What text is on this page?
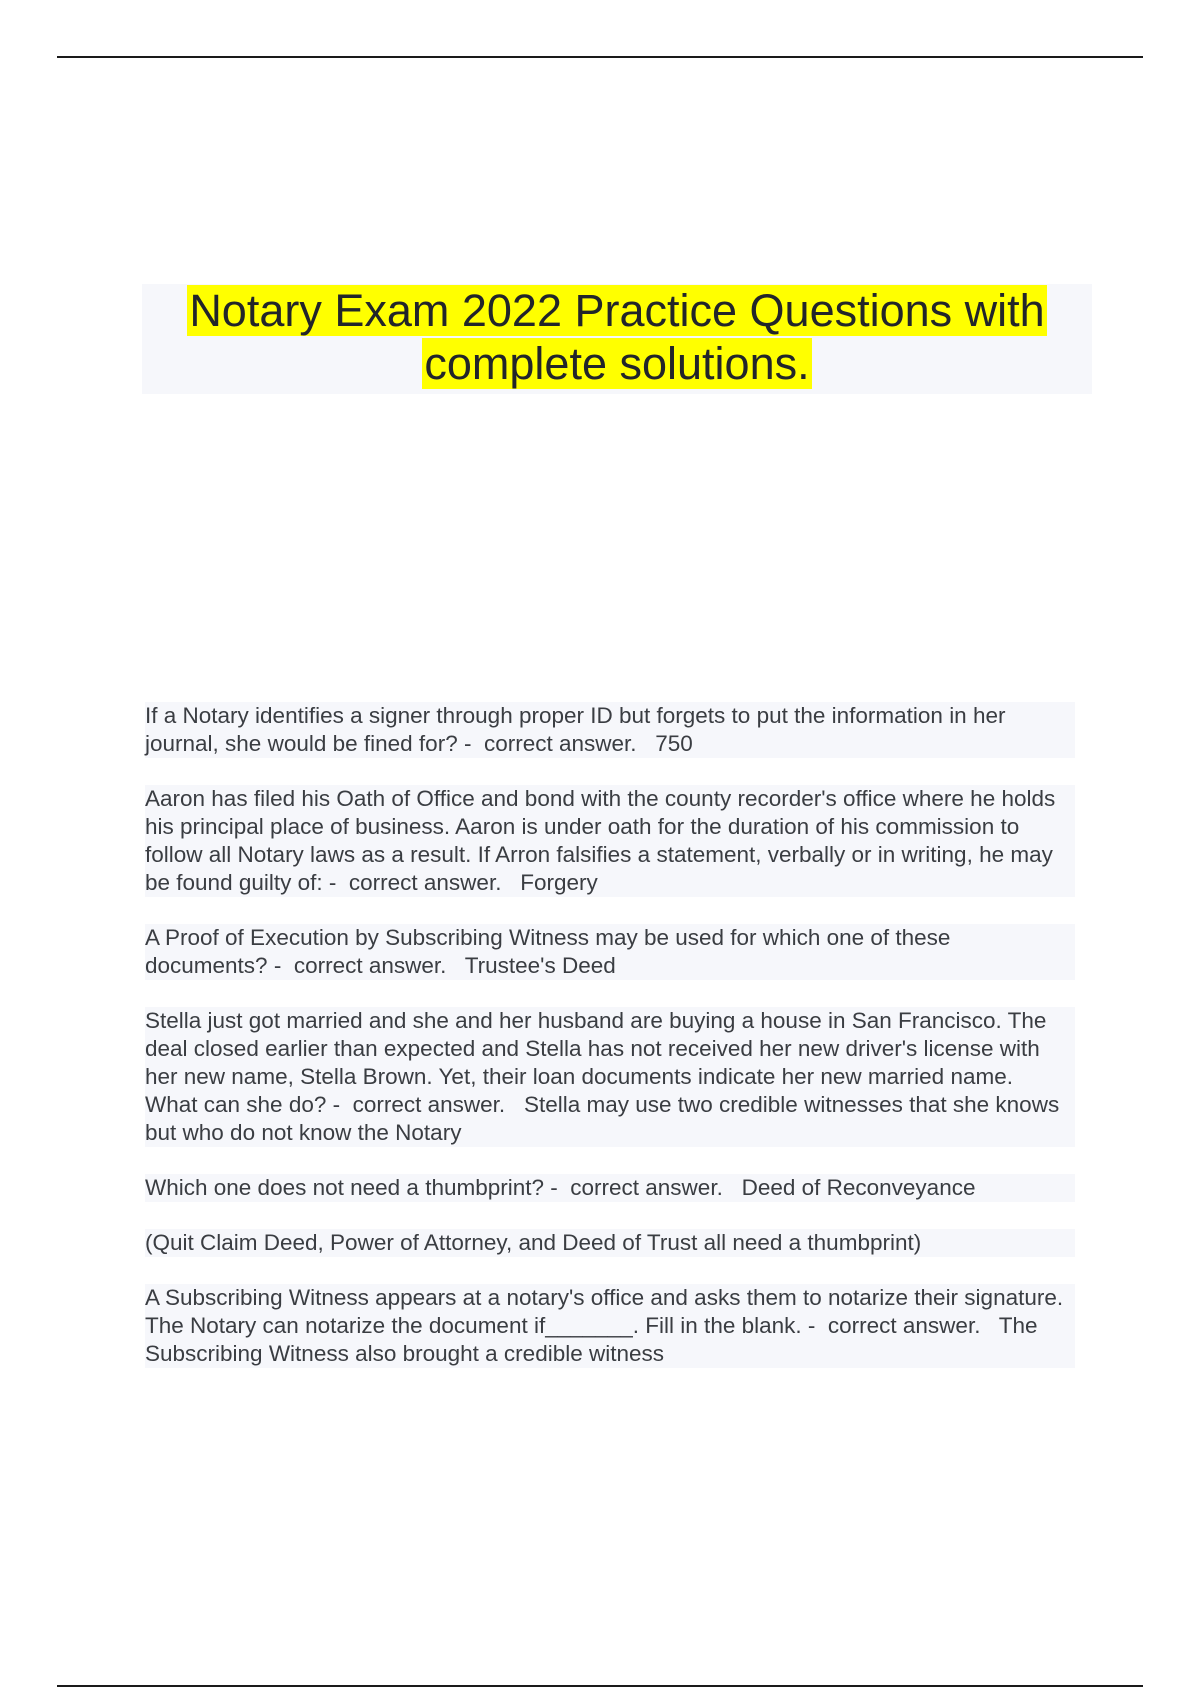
Notary Exam 2022 Practice Questions with complete solutions.
If a Notary identifies a signer through proper ID but forgets to put the information in her journal, she would be fined for? -  correct answer.   750
Aaron has filed his Oath of Office and bond with the county recorder's office where he holds his principal place of business. Aaron is under oath for the duration of his commission to follow all Notary laws as a result. If Arron falsifies a statement, verbally or in writing, he may be found guilty of: -  correct answer.   Forgery
A Proof of Execution by Subscribing Witness may be used for which one of these documents? -  correct answer.   Trustee's Deed
Stella just got married and she and her husband are buying a house in San Francisco. The deal closed earlier than expected and Stella has not received her new driver's license with her new name, Stella Brown. Yet, their loan documents indicate her new married name. What can she do? -  correct answer.   Stella may use two credible witnesses that she knows but who do not know the Notary
Which one does not need a thumbprint? -  correct answer.   Deed of Reconveyance
(Quit Claim Deed, Power of Attorney, and Deed of Trust all need a thumbprint)
A Subscribing Witness appears at a notary's office and asks them to notarize their signature. The Notary can notarize the document if_______. Fill in the blank. -  correct answer.   The Subscribing Witness also brought a credible witness
